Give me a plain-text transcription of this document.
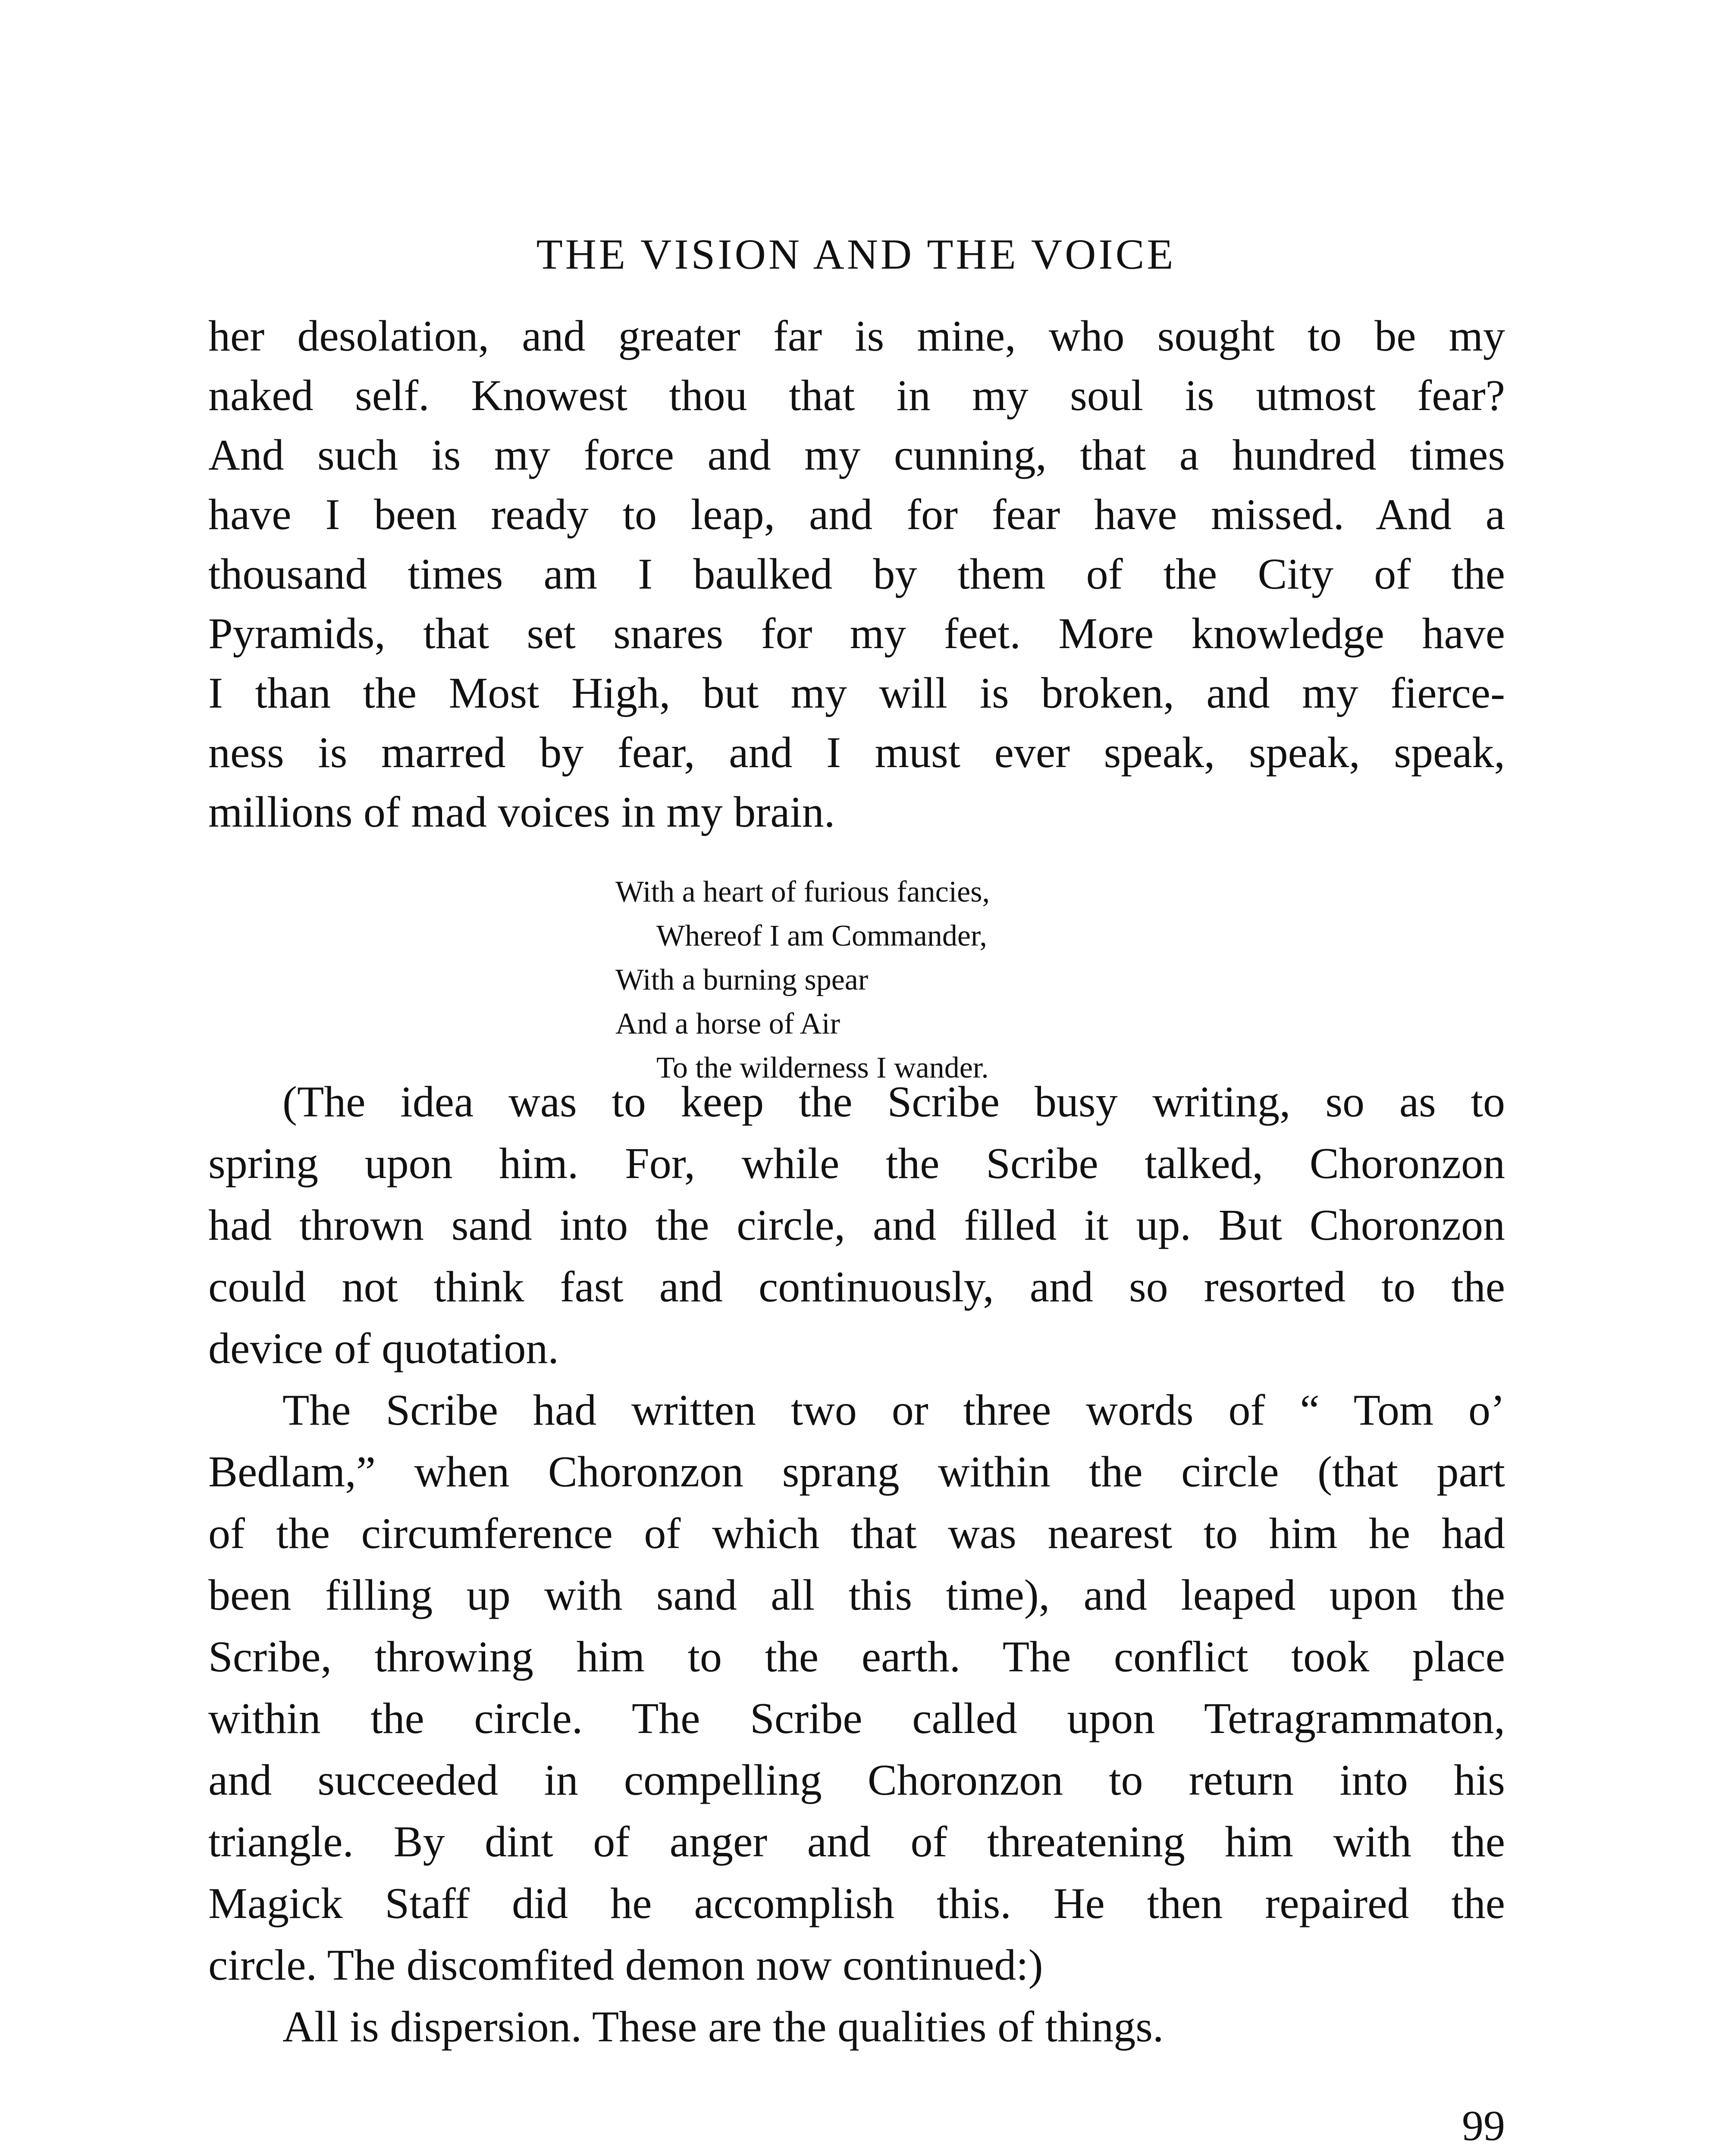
THE VISION AND THE VOICE
her desolation, and greater far is mine, who sought to be my
naked self. Knowest thou that in my soul is utmost fear?
And such is my force and my cunning, that a hundred times
have I been ready to leap, and for fear have missed. And a
thousand times am I baulked by them of the City of the
Pyramids, that set snares for my feet. More knowledge have
I than the Most High, but my will is broken, and my fierce-
ness is marred by fear, and I must ever speak, speak, speak,
millions of mad voices in my brain.
With a heart of furious fancies,
Whereof I am Commander,
With a burning spear
And a horse of Air
To the wilderness I wander.
(The idea was to keep the Scribe busy writing, so as to
spring upon him. For, while the Scribe talked, Choronzon
had thrown sand into the circle, and filled it up. But Choronzon
could not think fast and continuously, and so resorted to the
device of quotation.
The Scribe had written two or three words of “ Tom o’
Bedlam,” when Choronzon sprang within the circle (that part
of the circumference of which that was nearest to him he had
been filling up with sand all this time), and leaped upon the
Scribe, throwing him to the earth. The conflict took place
within the circle. The Scribe called upon Tetragrammaton,
and succeeded in compelling Choronzon to return into his
triangle. By dint of anger and of threatening him with the
Magick Staff did he accomplish this. He then repaired the
circle. The discomfited demon now continued:)
All is dispersion. These are the qualities of things.
99
